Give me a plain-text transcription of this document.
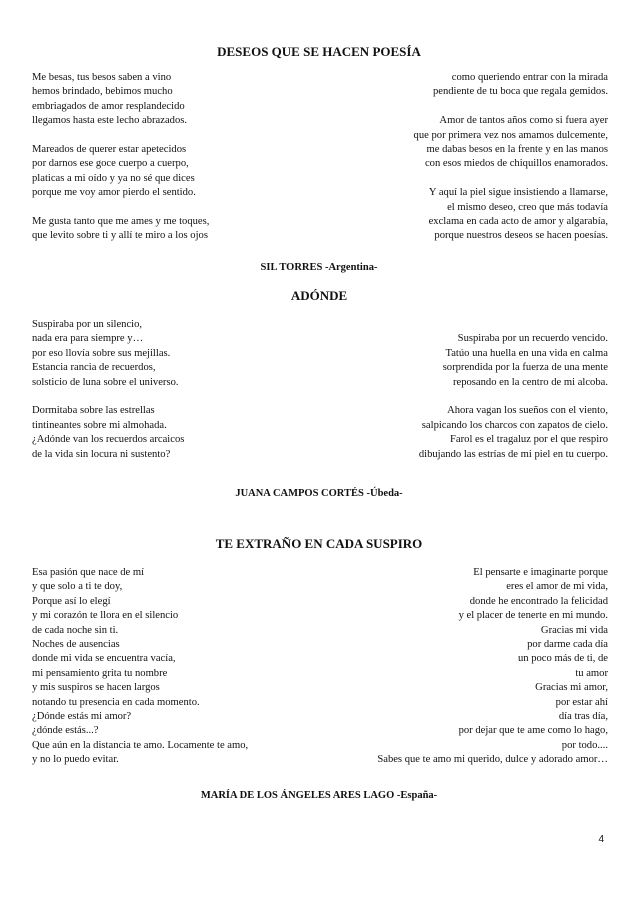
DESEOS QUE SE HACEN POESÍA
Me besas, tus besos saben a vino
hemos brindado, bebimos mucho
embriagados de amor resplandecido
llegamos hasta este lecho abrazados.
Mareados de querer estar apetecidos
por darnos ese goce cuerpo a cuerpo,
platicas a mi oído y ya no sé que dices
porque me voy amor pierdo el sentido.
Me gusta tanto que me ames y me toques,
que levito sobre ti y allí te miro a los ojos
como queriendo entrar con la mirada
pendiente de tu boca que regala gemidos.
Amor de tantos años como si fuera ayer
que por primera vez nos amamos dulcemente,
me dabas besos en la frente y en las manos
con esos miedos de chiquillos enamorados.
Y aquí la piel sigue insistiendo a llamarse,
el mismo deseo, creo que más todavía
exclama en cada acto de amor y algarabía,
porque nuestros deseos se hacen poesías.
SIL TORRES -Argentina-
ADÓNDE
Suspiraba por un silencio,
nada era para siempre y…
por eso llovía sobre sus mejillas.
Estancia rancia de recuerdos,
solsticio de luna sobre el universo.
Dormitaba sobre las estrellas
tintineantes sobre mi almohada.
¿Adónde van los recuerdos arcaicos
de la vida sin locura ni sustento?
Suspiraba por un recuerdo vencido.
Tatúo una huella en una vida en calma
sorprendida por la fuerza de una mente
reposando en la centro de mi alcoba.
Ahora vagan los sueños con el viento,
salpicando los charcos con zapatos de cielo.
Farol es el tragaluz por el que respiro
dibujando las estrías de mi piel en tu cuerpo.
JUANA CAMPOS CORTÉS -Úbeda-
TE EXTRAÑO EN CADA SUSPIRO
Esa pasión que nace de mí
y que solo a ti te doy,
Porque así lo elegí
y mi corazón te llora en el silencio
de cada noche sin ti.
Noches de ausencias
donde mi vida se encuentra vacía,
mi pensamiento grita tu nombre
y mis suspiros se hacen largos
notando tu presencia en cada momento.
¿Dónde estás mi amor?
¿dónde estás...?
Que aún en la distancia te amo. Locamente te amo,
y no lo puedo evitar.
El pensarte e imaginarte porque
eres el amor de mi vida,
donde he encontrado la felicidad
y el placer de tenerte en mi mundo.
Gracias mi vida
por darme cada día
un poco más de ti, de
tu amor
Gracias mi amor,
por estar ahí
día tras día,
por dejar que te ame como lo hago,
por todo....
Sabes que te amo mi querido, dulce y adorado amor…
MARÍA DE LOS ÁNGELES ARES LAGO -España-
4
